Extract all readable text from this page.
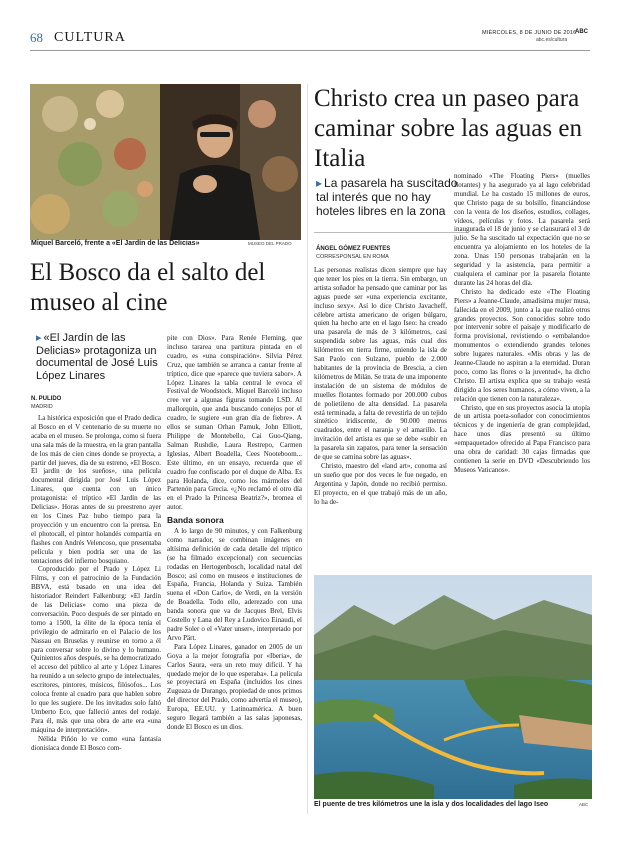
68 CULTURA	MIÉRCOLES, 8 DE JUNIO DE 2016
ABC
abc.es/cultura
Miquel Barceló, frente a «El Jardín de las Delicias»	MUSEO DEL PRADO
El Bosco da el salto del museo al cine
▸ «El Jardín de las Delicias» protagoniza un documental de José Luis López Linares
N. PULIDO
MADRID

La histórica exposición que el Prado dedica al Bosco en el V centenario de su muerte no acaba en el museo. Se prolonga, como si fuera una sala más de la muestra, en la gran pantalla de los más de cien cines donde se proyecta, a partir del jueves, día de su estreno, «El Bosco. El jardín de los sueños», una película documental dirigida por José Luis López Linares, que cuenta con un único protagonista: el tríptico «El Jardín de las Delicias». Horas antes de su preestreno ayer en los Cines Paz hubo tiempo para la proyección y un encuentro con la prensa. En el photocall, el pintor holandés compartía en flashes con Andrés Velencoso, que presentaba película y bien podría ser una de las tentaciones del infierno bosquiano.

Coproducido por el Prado y López Li Films, y con el patrocinio de la Fundación BBVA, está basado en una idea del historiador Reindert Falkenburg: «El Jardín de las Delicias» como una pieza de conversación. Poco después de ser pintado en torno a 1500, la élite de la época tenía el privilegio de admirarlo en el Palacio de los Nassau en Bruselas y reunirse en torno a él para conversar sobre lo divino y lo humano. Quinientos años después, se ha democratizado el acceso del público al arte y López Linares ha reunido a un selecto grupo de intelectuales, escritores, pintores, músicos, filósofos... Los coloca frente al cuadro para que hablen sobre lo que les sugiere. De los invitados solo faltó Umberto Eco, que falleció antes del rodaje. Para él, más que una obra de arte era «una máquina de interpretación».

Nélida Piñón lo ve como «una fantasía dionisíaca donde El Bosco com-

pite con Dios». Para Renée Fleming, que incluso tararea una partitura pintada en el cuadro, es «una conspiración». Silvia Pérez Cruz, que también se arranca a cantar frente al tríptico, dice que «parece que tuviera sabor». A López Linares la tabla central le evoca el Festival de Woodstock. Miquel Barceló incluso cree ver a algunas figuras tomando LSD. Al mallorquín, que anda buscando conejos por el cuadro, le sugiere «un gran día de fiebre». A ellos se suman Orhan Pamuk, John Elliott, Philippe de Montebello, Cai Guo-Qiang, Salman Rushdie, Laura Restrepo, Carmen Iglesias, Albert Boadella, Cees Nooteboom... Este último, en un ensayo, recuerda que el cuadro fue confiscado por el duque de Alba. Es para Holanda, dice, como los mármoles del Partenón para Grecia. «¿No reclamó el otro día en el Prado la Princesa Beatriz?», bromea el autor.

Banda sonora

A lo largo de 90 minutos, y con Falkenburg como narrador, se combinan imágenes en altísima definición de cada detalle del tríptico (se ha filmado excepcional) con secuencias rodadas en Hertogenbosch, localidad natal del Bosco; así como en museos e instituciones de España, Francia, Holanda y Suiza. También suena el «Don Carlo», de Verdi, en la versión de Boadella. Todo ello, aderezado con una banda sonora que va de Jacques Brel, Elvis Costello y Lana del Rey a Ludovico Einaudi, el padre Soler o el «Vater unser», interpretado por Arvo Pärt.

Para López Linares, ganador en 2005 de un Goya a la mejor fotografía por «Iberia», de Carlos Saura, «era un reto muy difícil. Y ha quedado mejor de lo que esperaba». La película se proyectará en España (incluidos los cines Zuguaza de Durango, propiedad de unos primos del director del Prado, como advertía el museo), Europa, EE.UU. y Latinoamérica. A buen seguro llegará también a las salas japonesas, donde El Bosco es un dios.

Christo crea un paseo para caminar sobre las aguas en Italia
▸ La pasarela ha suscitado tal interés que no hay hoteles libres en la zona
ÁNGEL GÓMEZ FUENTES
CORRESPONSAL EN ROMA

Las personas realistas dicen siempre que hay que tener los pies en la tierra. Sin embargo, un artista soñador ha pensado que caminar por las aguas puede ser «una experiencia excitante, incluso sexy». Así lo dice Christo Javacheff, célebre artista americano de origen búlgaro, quien ha hecho arte en el lago Iseo: ha creado una pasarela de más de 3 kilómetros, casi suspendida sobre las aguas, más cual dos kilómetros en tierra firme, uniendo la isla de San Paolo con Sulzano, pueblo de 2.000 habitantes de la provincia de Brescia, a cien kilómetros de Milán. Se trata de una imponente instalación de un sistema de módulos de muelles flotantes formado por 200.000 cubos de polietileno de alta densidad. La pasarela está terminada, a falta de revestirla de un tejido sintético iridiscente, de 90.000 metros cuadrados, entre el naranja y el amarillo. La invitación del artista es que se debe «subir en la pasarela sin zapatos, para tener la sensación de que se camina sobre las aguas».

Christo, maestro del «land art», conoma así un sueño que por dos veces le fue negado, en Argentina y Japón, donde no recibió permiso. El proyecto, en el que trabajó más de un año, lo ha de-

nominado «The Floating Piers» (muelles flotantes) y ha asegurado ya al lago celebridad mundial. Le ha costado 15 millones de euros, que Christo paga de su bolsillo, financiándose con la venta de los diseños, estudios, collages, vídeos, películas y fotos. La pasarela será inaugurada el 18 de junio y se clausurará el 3 de julio. Se ha suscitado tal expectación que no se encuentra ya alojamiento en los hoteles de la zona. Unas 150 personas trabajarán en la seguridad y la asistencia, para permitir a cualquiera el caminar por la pasarela flotante durante las 24 horas del día.

Christo ha dedicado este «The Floating Piers» a Jeanne-Claude, amadísima mujer musa, fallecida en el 2009, junto a la que realizó otros grandes proyectos. Son conocidos sobre todo por intervenir sobre el paisaje y modificarlo de forma provisional, revistiendo o «embalando» monumentos o extendiendo grandes telones sobre lugares naturales. «Mis obras y las de Jeanne-Claude no aspiran a la eternidad. Duran poco, como las flores o la juventud», ha dicho Christo. El artista explica que su trabajo «está dirigido a los seres humanos, a cómo viven, a la relación que tienen con la naturaleza».

Christo, que en sus proyectos asocia la utopía de un artista poeta-soñador con conocimientos técnicos y de ingeniería de gran complejidad, hace unos días presentó su último «empaquetado» ofrecido al Papa Francisco para una obra de caridad: 30 cajas firmadas que contienen la serie en DVD «Descubriendo los Museos Vaticanos».

El puente de tres kilómetros une la isla y dos localidades del lago Iseo	ABC
